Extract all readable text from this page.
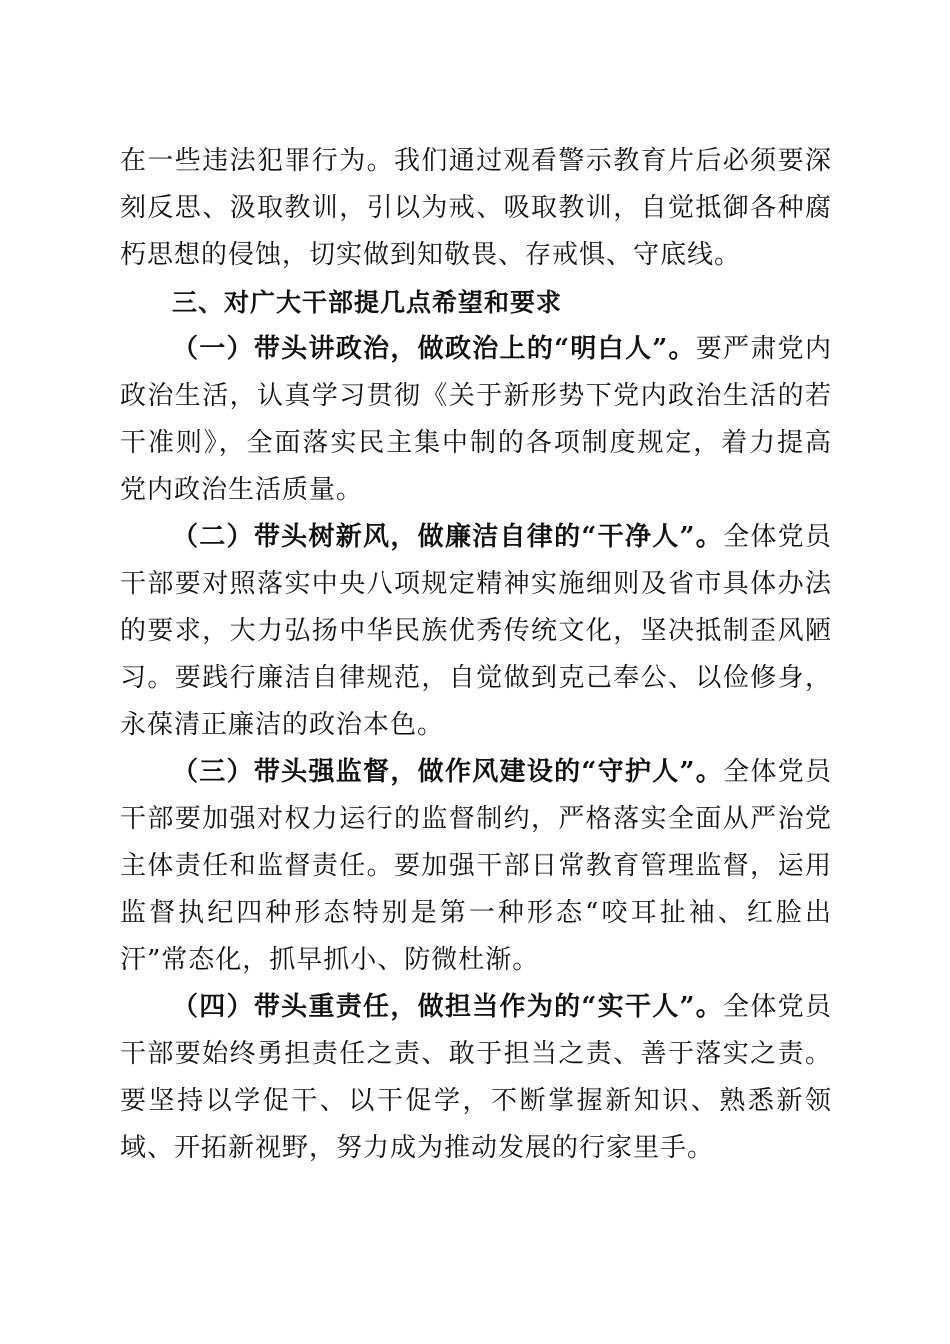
在一些违法犯罪行为。我们通过观看警示教育片后必须要深刻反思、汲取教训，引以为戒、吸取教训，自觉抵御各种腐朽思想的侵蚀，切实做到知敬畏、存戒惧、守底线。

三、对广大干部提几点希望和要求

（一）带头讲政治，做政治上的“明白人”。要严肃党内政治生活，认真学习贯彻《关于新形势下党内政治生活的若干准则》，全面落实民主集中制的各项制度规定，着力提高党内政治生活质量。

（二）带头树新风，做廉洁自律的“干净人”。全体党员干部要对照落实中央八项规定精神实施细则及省市具体办法的要求，大力弘扬中华民族优秀传统文化，坚决抵制歪风陋习。要践行廉洁自律规范，自觉做到克己奉公、以俭修身，永葆清正廉洁的政治本色。

（三）带头强监督，做作风建设的“守护人”。全体党员干部要加强对权力运行的监督制约，严格落实全面从严治党主体责任和监督责任。要加强干部日常教育管理监督，运用监督执纪四种形态特别是第一种形态“咬耳扯袖、红脸出汗”常态化，抓早抓小、防微杜渐。

（四）带头重责任，做担当作为的“实干人”。全体党员干部要始终勇担责任之责、敢于担当之责、善于落实之责。要坚持以学促干、以干促学，不断掌握新知识、熟悉新领域、开拓新视野，努力成为推动发展的行家里手。
